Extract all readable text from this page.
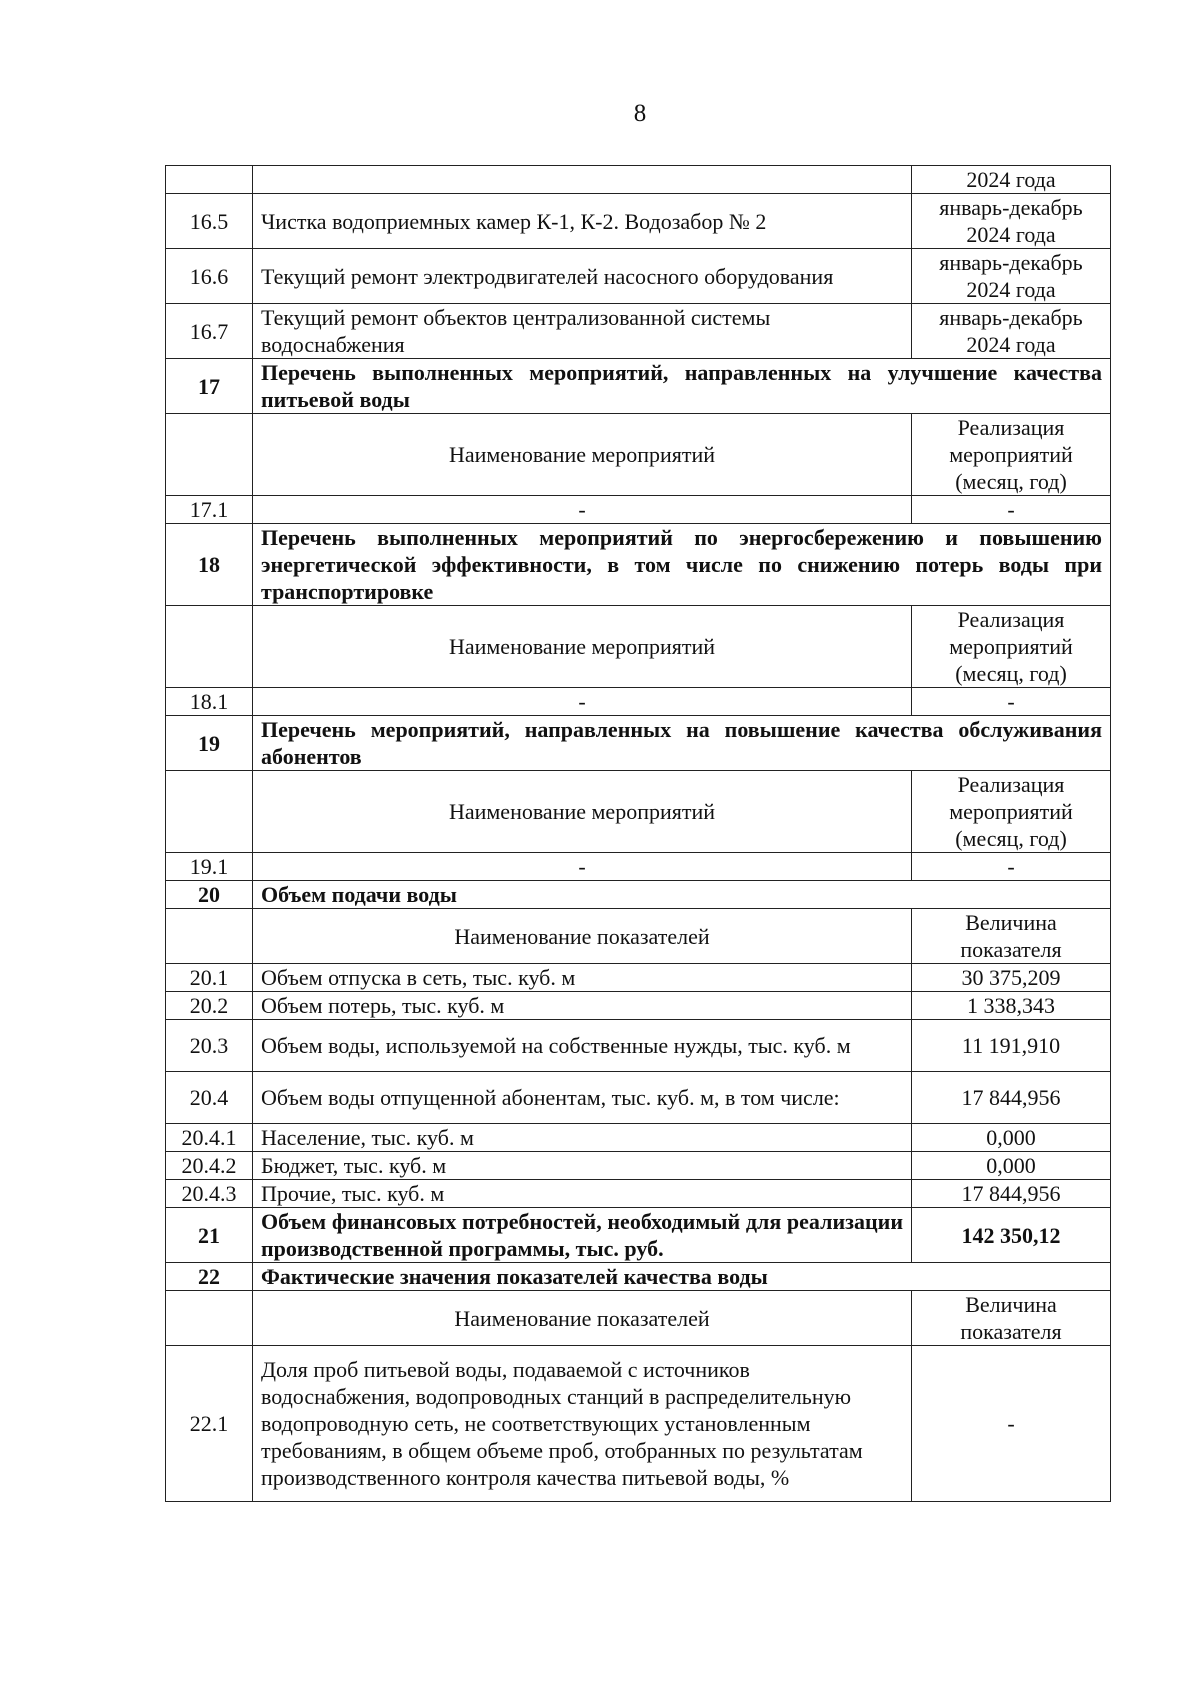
8
		2024 года
16.5	Чистка водоприемных камер К-1, К-2. Водозабор № 2	январь-декабрь 2024 года
16.6	Текущий ремонт электродвигателей насосного оборудования	январь-декабрь 2024 года
16.7	Текущий ремонт объектов централизованной системы водоснабжения	январь-декабрь 2024 года
17	Перечень выполненных мероприятий, направленных на улучшение качества питьевой воды	
	Наименование мероприятий	Реализация мероприятий (месяц, год)
17.1	-	-
18	Перечень выполненных мероприятий по энергосбережению и повышению энергетической эффективности, в том числе по снижению потерь воды при транспортировке	
	Наименование мероприятий	Реализация мероприятий (месяц, год)
18.1	-	-
19	Перечень мероприятий, направленных на повышение качества обслуживания абонентов	
	Наименование мероприятий	Реализация мероприятий (месяц, год)
19.1	-	-
20	Объем подачи воды	
	Наименование показателей	Величина показателя
20.1	Объем отпуска в сеть, тыс. куб. м	30 375,209
20.2	Объем потерь, тыс. куб. м	1 338,343
20.3	Объем воды, используемой на собственные нужды, тыс. куб. м	11 191,910
20.4	Объем воды отпущенной абонентам, тыс. куб. м, в том числе:	17 844,956
20.4.1	Население, тыс. куб. м	0,000
20.4.2	Бюджет, тыс. куб. м	0,000
20.4.3	Прочие, тыс. куб. м	17 844,956
21	Объем финансовых потребностей, необходимый для реализации производственной программы, тыс. руб.	142 350,12
22	Фактические значения показателей качества воды	
	Наименование показателей	Величина показателя
22.1	Доля проб питьевой воды, подаваемой с источников водоснабжения, водопроводных станций в распределительную водопроводную сеть, не соответствующих установленным требованиям, в общем объеме проб, отобранных по результатам производственного контроля качества питьевой воды, %	-
